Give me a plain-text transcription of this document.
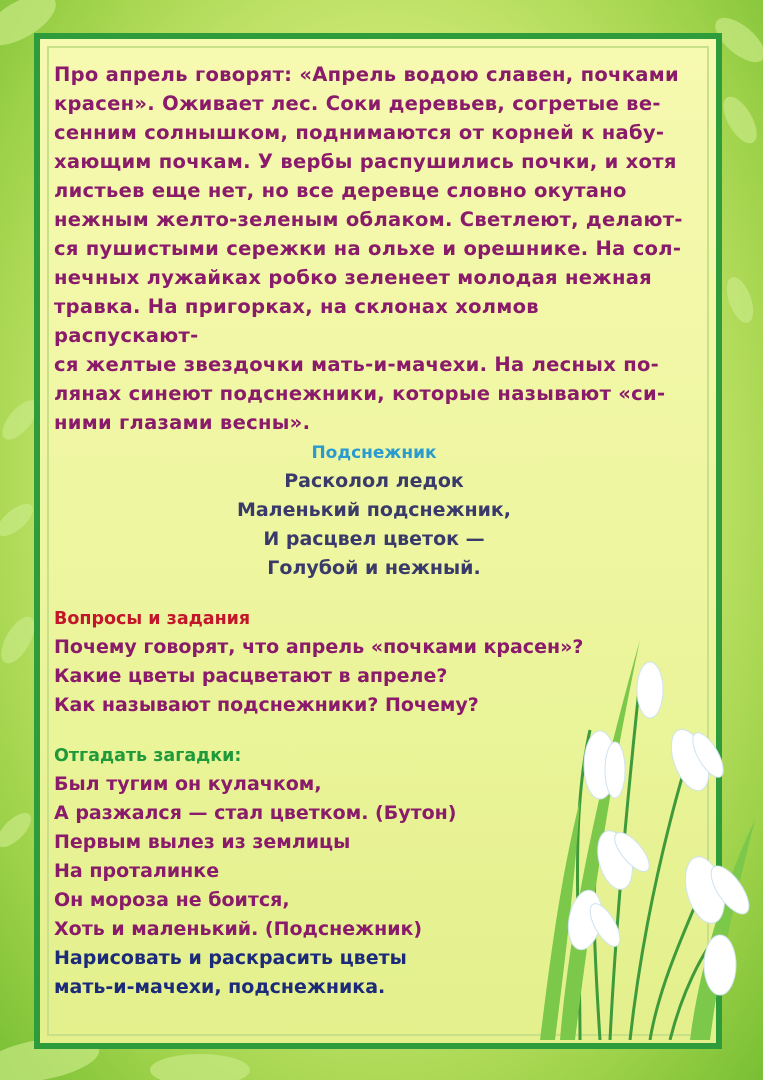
Про апрель говорят: «Апрель водою славен, почками
красен». Оживает лес. Соки деревьев, согретые ве-
сенним солнышком, поднимаются от корней к набу-
хающим почкам. У вербы распушились почки, и хотя
листьев еще нет, но все деревце словно окутано
нежным желто-зеленым облаком. Светлеют, делают-
ся пушистыми сережки на ольхе и орешнике. На сол-
нечных лужайках робко зеленеет молодая нежная
травка. На пригорках, на склонах холмов распускают-
ся желтые звездочки мать-и-мачехи. На лесных по-
лянах синеют подснежники, которые называют «си-
ними глазами весны».

Подснежник
Расколол ледок
Маленький подснежник,
И расцвел цветок —
Голубой и нежный.
Вопросы и задания
Почему говорят, что апрель «почками красен»?
Какие цветы расцветают в апреле?
Как называют подснежники? Почему?
Отгадать загадки:
Был тугим он кулачком,
А разжался — стал цветком. (Бутон)
Первым вылез из землицы
На проталинке
Он мороза не боится,
Хоть и маленький. (Подснежник)
Нарисовать и раскрасить цветы
мать-и-мачехи, подснежника.
